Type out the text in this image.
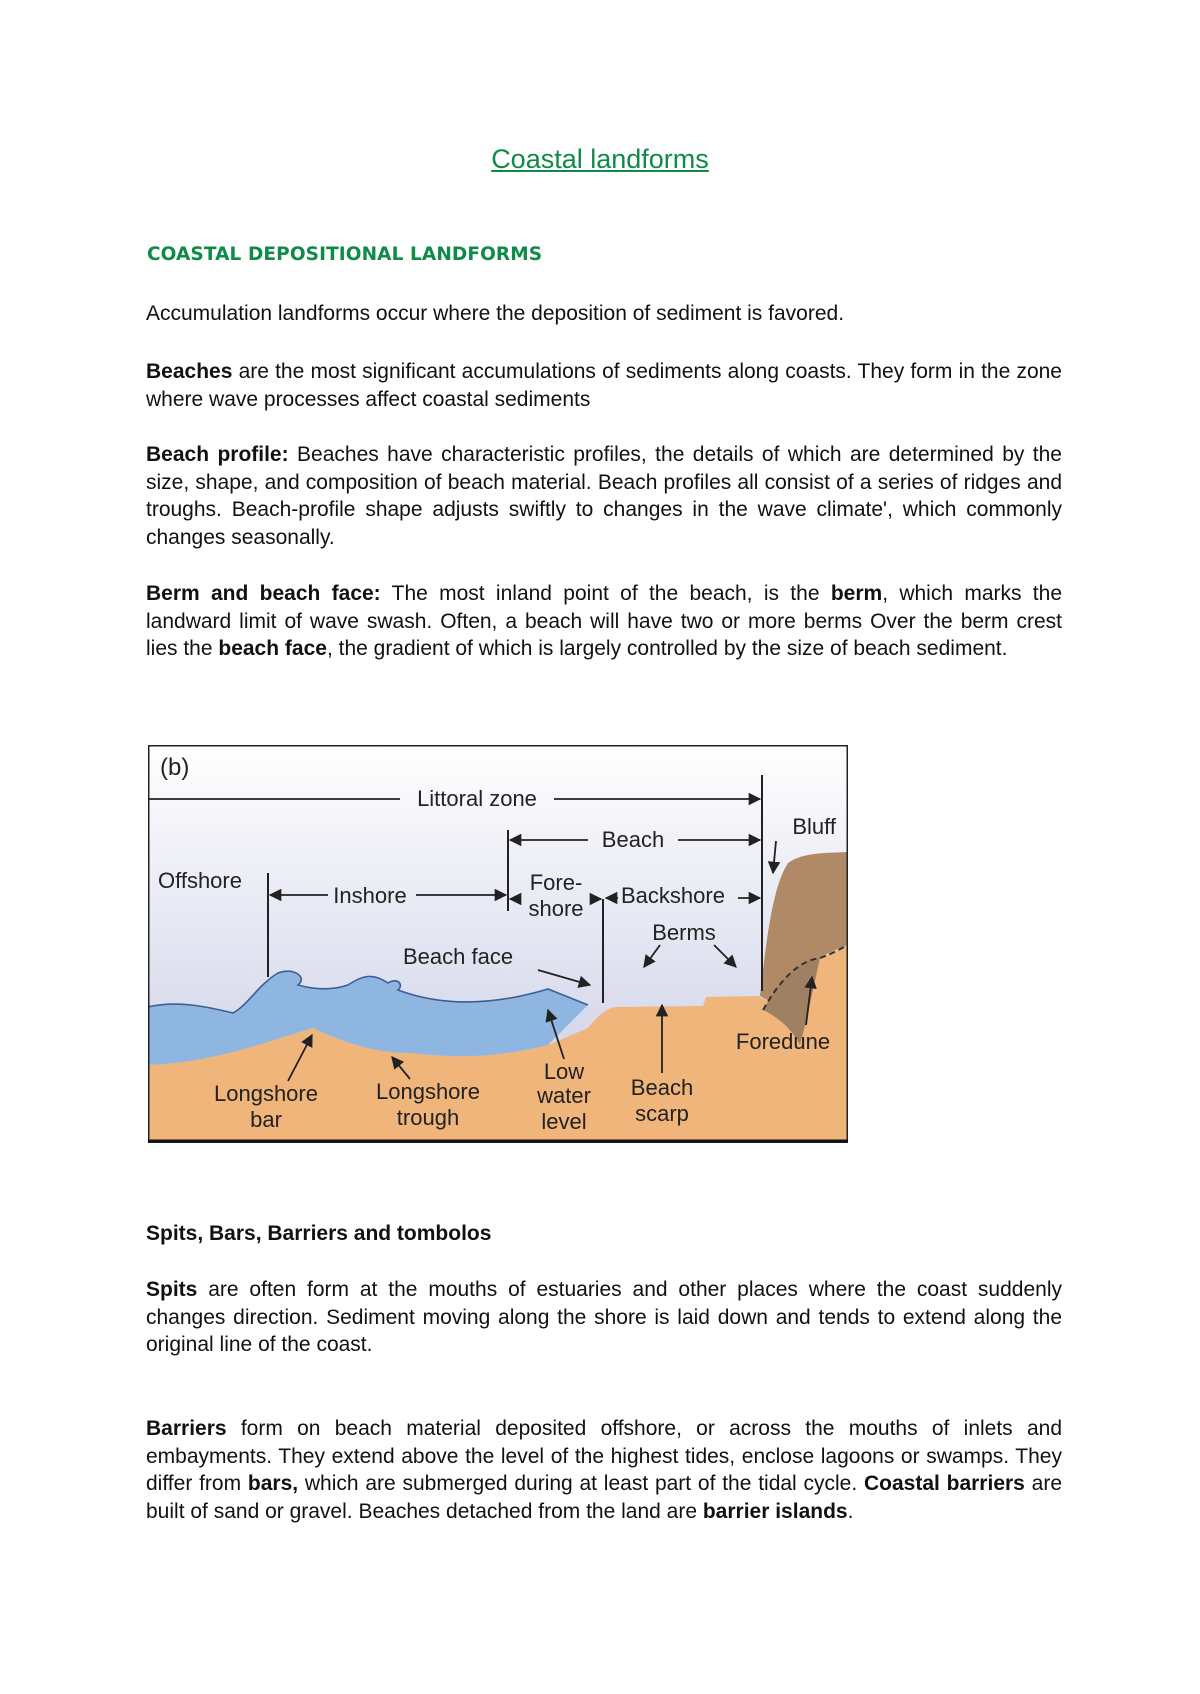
Coastal landforms
COASTAL DEPOSITIONAL LANDFORMS

Accumulation landforms occur where the deposition of sediment is favored.

Beaches are the most significant accumulations of sediments along coasts. They form in the zone where wave processes affect coastal sediments

Beach profile: Beaches have characteristic profiles, the details of which are determined by the size, shape, and composition of beach material. Beach profiles all consist of a series of ridges and troughs. Beach-profile shape adjusts swiftly to changes in the wave climate', which commonly changes seasonally.

Berm and beach face: The most inland point of the beach, is the berm, which marks the landward limit of wave swash. Often, a beach will have two or more berms Over the berm crest lies the beach face, the gradient of which is largely controlled by the size of beach sediment.

Littoral zone
Beach
Bluff
Offshore
Inshore
Fore-
shore
Backshore
Berms
Beach face
Foredune
Longshore
bar
Longshore
trough
Low
water
level
Beach
scarp
(b)

Spits, Bars, Barriers and tombolos

Spits are often form at the mouths of estuaries and other places where the coast suddenly changes direction. Sediment moving along the shore is laid down and tends to extend along the original line of the coast.

Barriers form on beach material deposited offshore, or across the mouths of inlets and embayments. They extend above the level of the highest tides, enclose lagoons or swamps. They differ from bars, which are submerged during at least part of the tidal cycle. Coastal barriers are built of sand or gravel. Beaches detached from the land are barrier islands.
